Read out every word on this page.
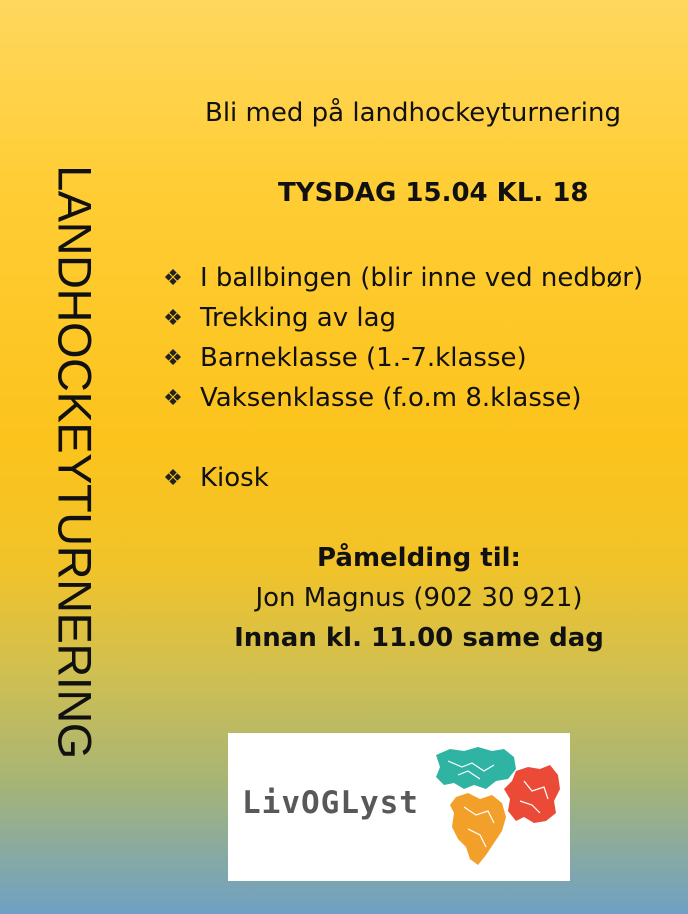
LANDHOCKEYTURNERING
Bli med på landhockeyturnering
TYSDAG 15.04 KL. 18
❖ I ballbingen (blir inne ved nedbør)
❖ Trekking av lag
❖ Barneklasse (1.-7.klasse)
❖ Vaksenklasse (f.o.m 8.klasse)
❖ Kiosk
Påmelding til:
Jon Magnus (902 30 921)
Innan kl. 11.00 same dag
LivOGLyst
